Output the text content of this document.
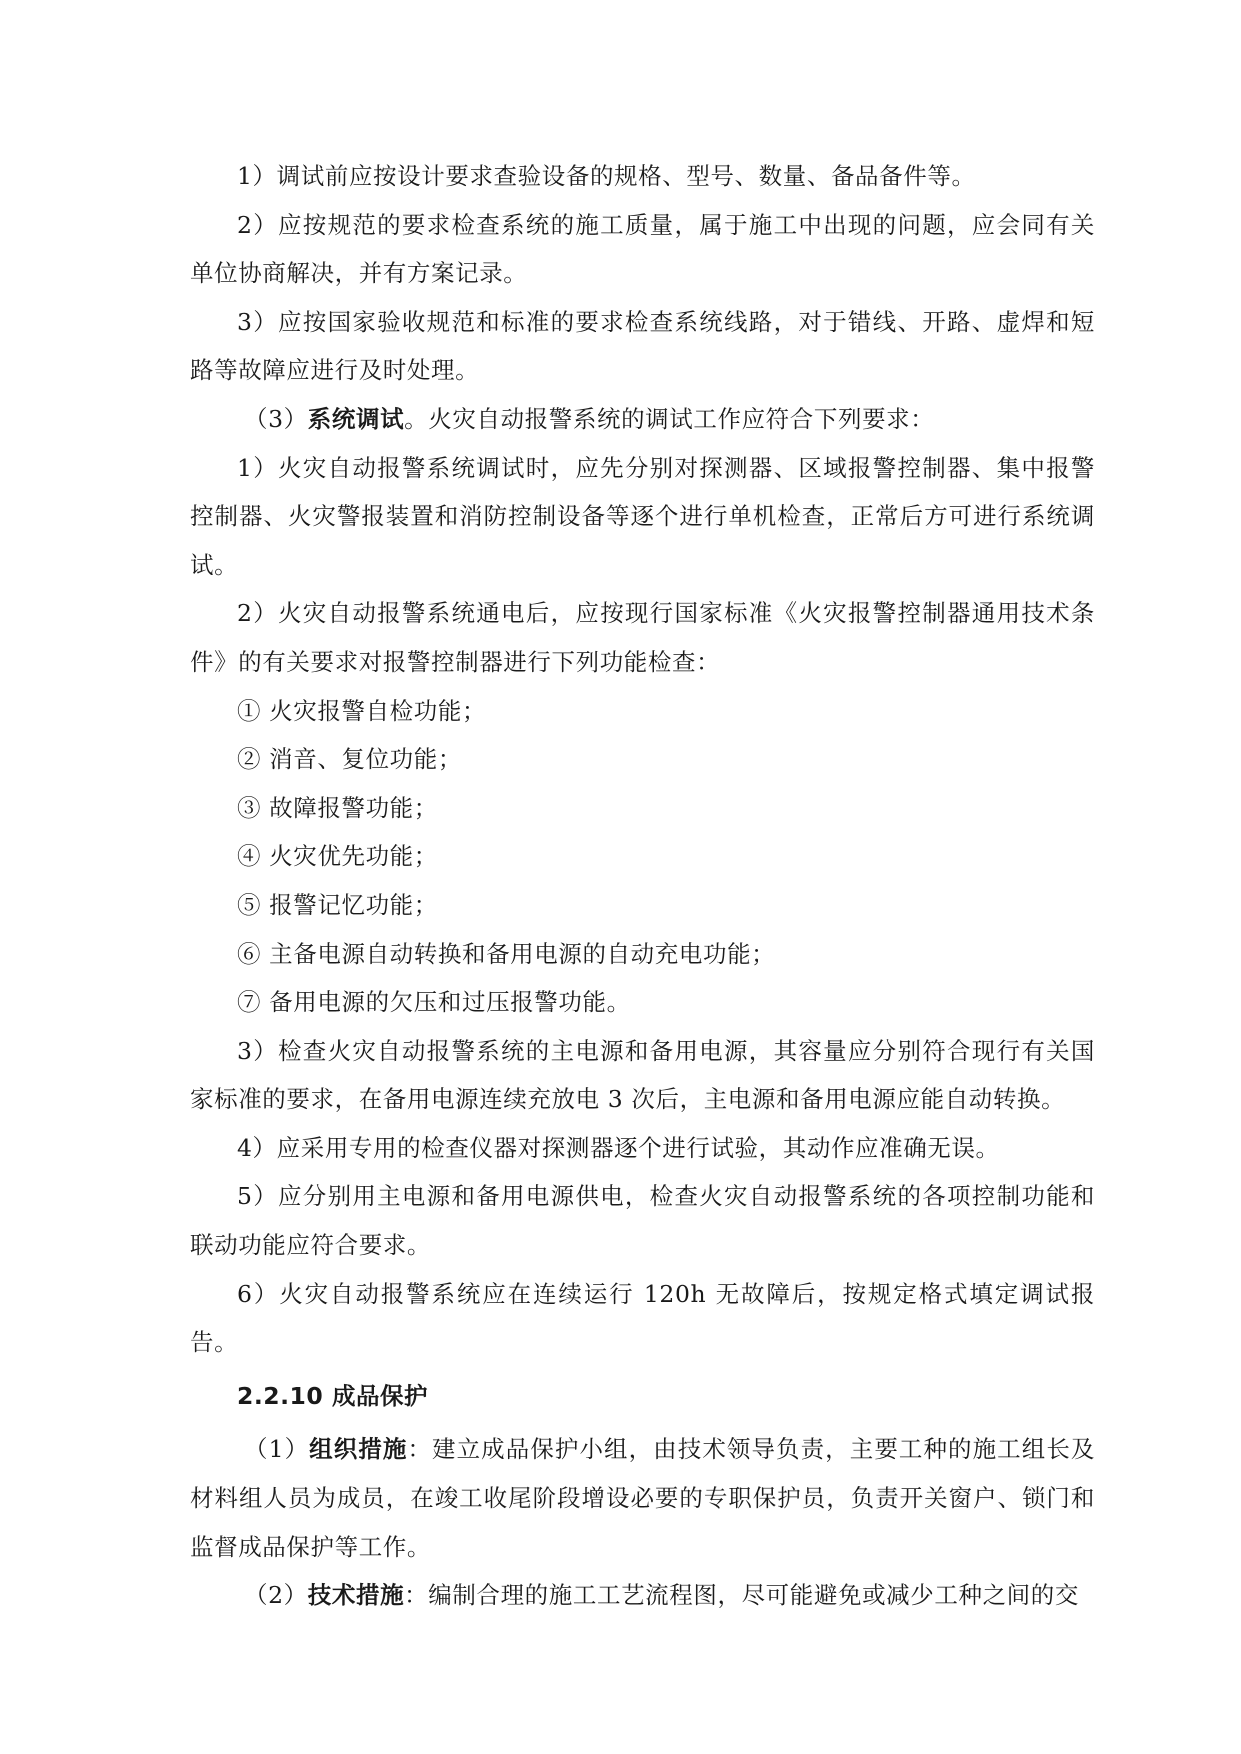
1）调试前应按设计要求查验设备的规格、型号、数量、备品备件等。

2）应按规范的要求检查系统的施工质量，属于施工中出现的问题，应会同有关单位协商解决，并有方案记录。

3）应按国家验收规范和标准的要求检查系统线路，对于错线、开路、虚焊和短路等故障应进行及时处理。

（3）系统调试。火灾自动报警系统的调试工作应符合下列要求：

1）火灾自动报警系统调试时，应先分别对探测器、区域报警控制器、集中报警控制器、火灾警报装置和消防控制设备等逐个进行单机检查，正常后方可进行系统调试。

2）火灾自动报警系统通电后，应按现行国家标准《火灾报警控制器通用技术条件》的有关要求对报警控制器进行下列功能检查：

① 火灾报警自检功能；

② 消音、复位功能；

③ 故障报警功能；

④ 火灾优先功能；

⑤ 报警记忆功能；

⑥ 主备电源自动转换和备用电源的自动充电功能；

⑦ 备用电源的欠压和过压报警功能。

3）检查火灾自动报警系统的主电源和备用电源，其容量应分别符合现行有关国家标准的要求，在备用电源连续充放电 3 次后，主电源和备用电源应能自动转换。

4）应采用专用的检查仪器对探测器逐个进行试验，其动作应准确无误。

5）应分别用主电源和备用电源供电，检查火灾自动报警系统的各项控制功能和联动功能应符合要求。

6）火灾自动报警系统应在连续运行 120h 无故障后，按规定格式填定调试报告。

2.2.10 成品保护

（1）组织措施：建立成品保护小组，由技术领导负责，主要工种的施工组长及材料组人员为成员，在竣工收尾阶段增设必要的专职保护员，负责开关窗户、锁门和监督成品保护等工作。

（2）技术措施：编制合理的施工工艺流程图，尽可能避免或减少工种之间的交
